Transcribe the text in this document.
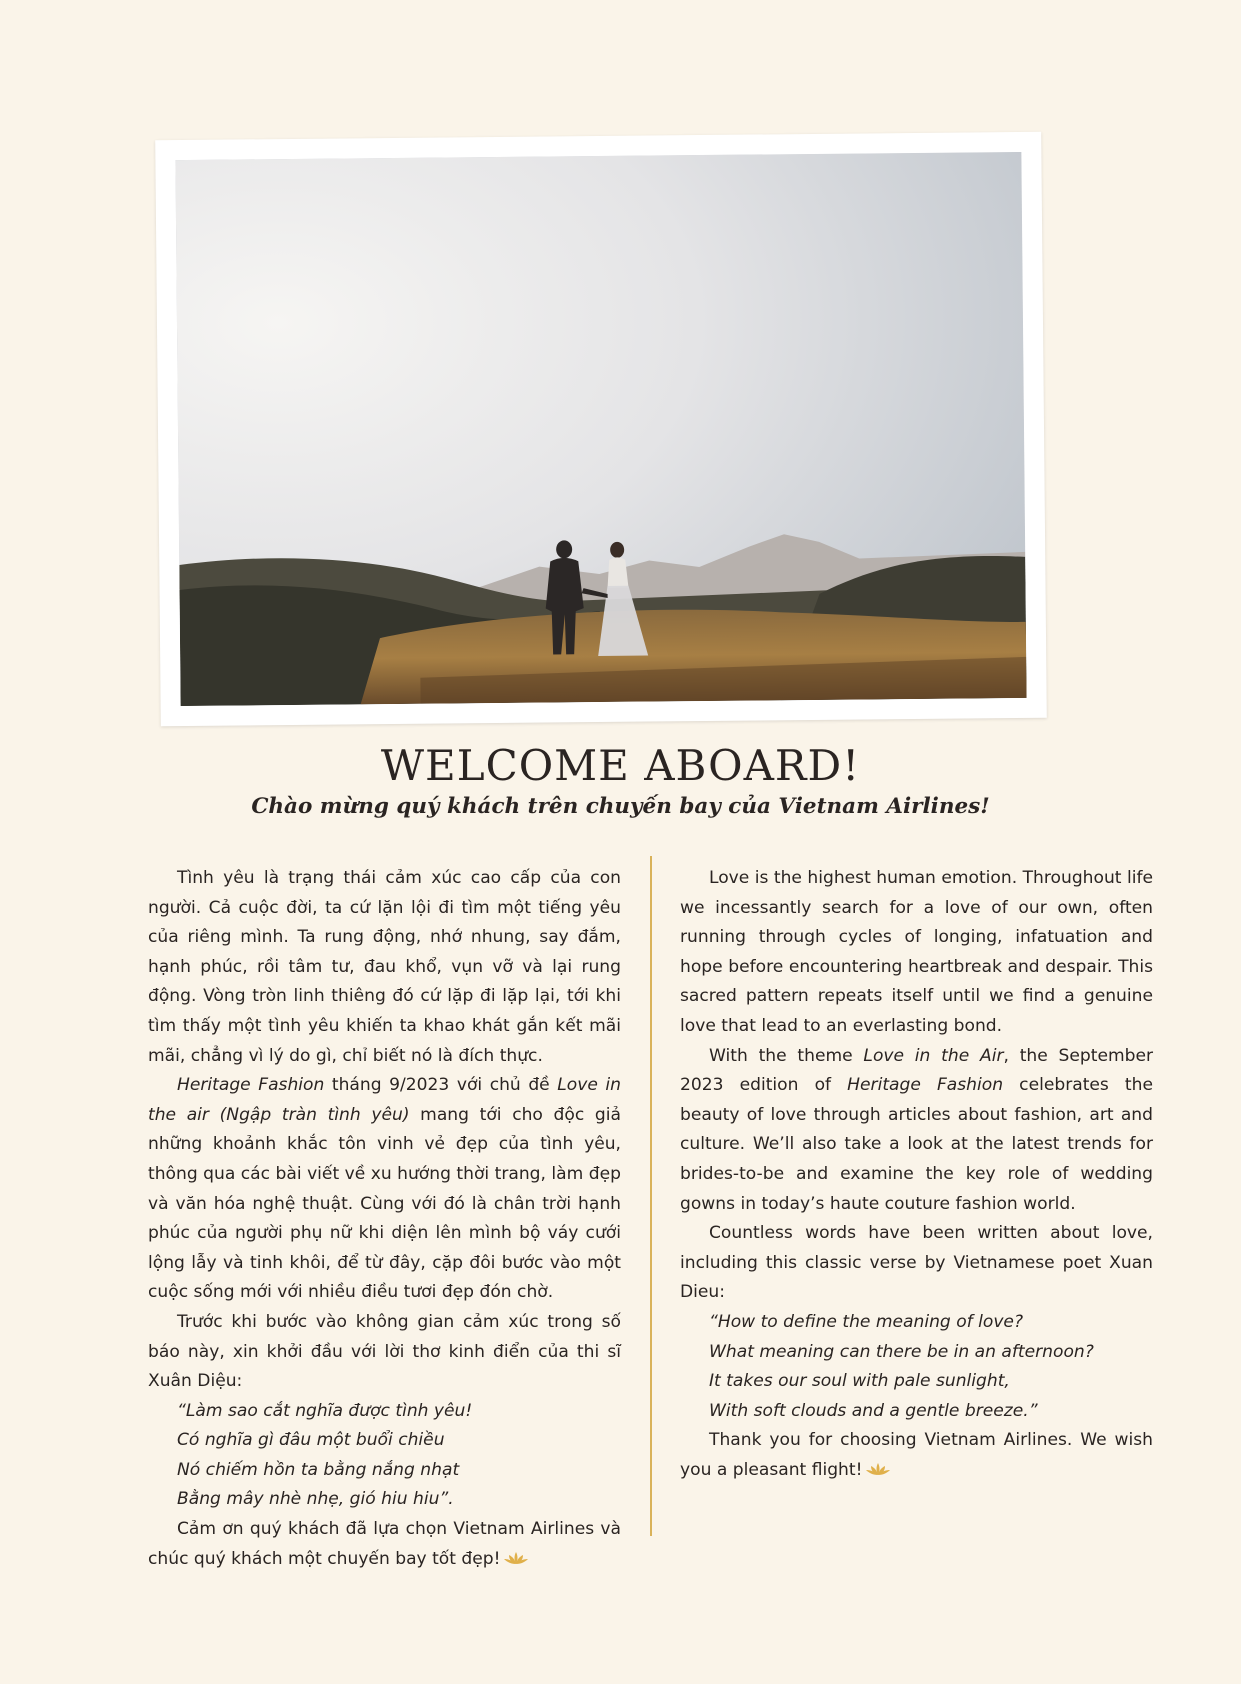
WELCOME ABOARD!
Chào mừng quý khách trên chuyến bay của Vietnam Airlines!

Tình yêu là trạng thái cảm xúc cao cấp của con người. Cả cuộc đời, ta cứ lặn lội đi tìm một tiếng yêu của riêng mình. Ta rung động, nhớ nhung, say đắm, hạnh phúc, rồi tâm tư, đau khổ, vụn vỡ và lại rung động. Vòng tròn linh thiêng đó cứ lặp đi lặp lại, tới khi tìm thấy một tình yêu khiến ta khao khát gắn kết mãi mãi, chẳng vì lý do gì, chỉ biết nó là đích thực.

Heritage Fashion tháng 9/2023 với chủ đề Love in the air (Ngập tràn tình yêu) mang tới cho độc giả những khoảnh khắc tôn vinh vẻ đẹp của tình yêu, thông qua các bài viết về xu hướng thời trang, làm đẹp và văn hóa nghệ thuật. Cùng với đó là chân trời hạnh phúc của người phụ nữ khi diện lên mình bộ váy cưới lộng lẫy và tinh khôi, để từ đây, cặp đôi bước vào một cuộc sống mới với nhiều điều tươi đẹp đón chờ.

Trước khi bước vào không gian cảm xúc trong số báo này, xin khởi đầu với lời thơ kinh điển của thi sĩ Xuân Diệu:

“Làm sao cắt nghĩa được tình yêu!

Có nghĩa gì đâu một buổi chiều

Nó chiếm hồn ta bằng nắng nhạt

Bằng mây nhè nhẹ, gió hiu hiu”.

Cảm ơn quý khách đã lựa chọn Vietnam Airlines và chúc quý khách một chuyến bay tốt đẹp!

Love is the highest human emotion. Throughout life we incessantly search for a love of our own, often running through cycles of longing, infatuation and hope before encountering heartbreak and despair. This sacred pattern repeats itself until we find a genuine love that lead to an everlasting bond.

With the theme Love in the Air, the September 2023 edition of Heritage Fashion celebrates the beauty of love through articles about fashion, art and culture. We’ll also take a look at the latest trends for brides-to-be and examine the key role of wedding gowns in today’s haute couture fashion world.

Countless words have been written about love, including this classic verse by Vietnamese poet Xuan Dieu:

“How to define the meaning of love?

What meaning can there be in an afternoon?

It takes our soul with pale sunlight,

With soft clouds and a gentle breeze.”

Thank you for choosing Vietnam Airlines. We wish you a pleasant flight!
